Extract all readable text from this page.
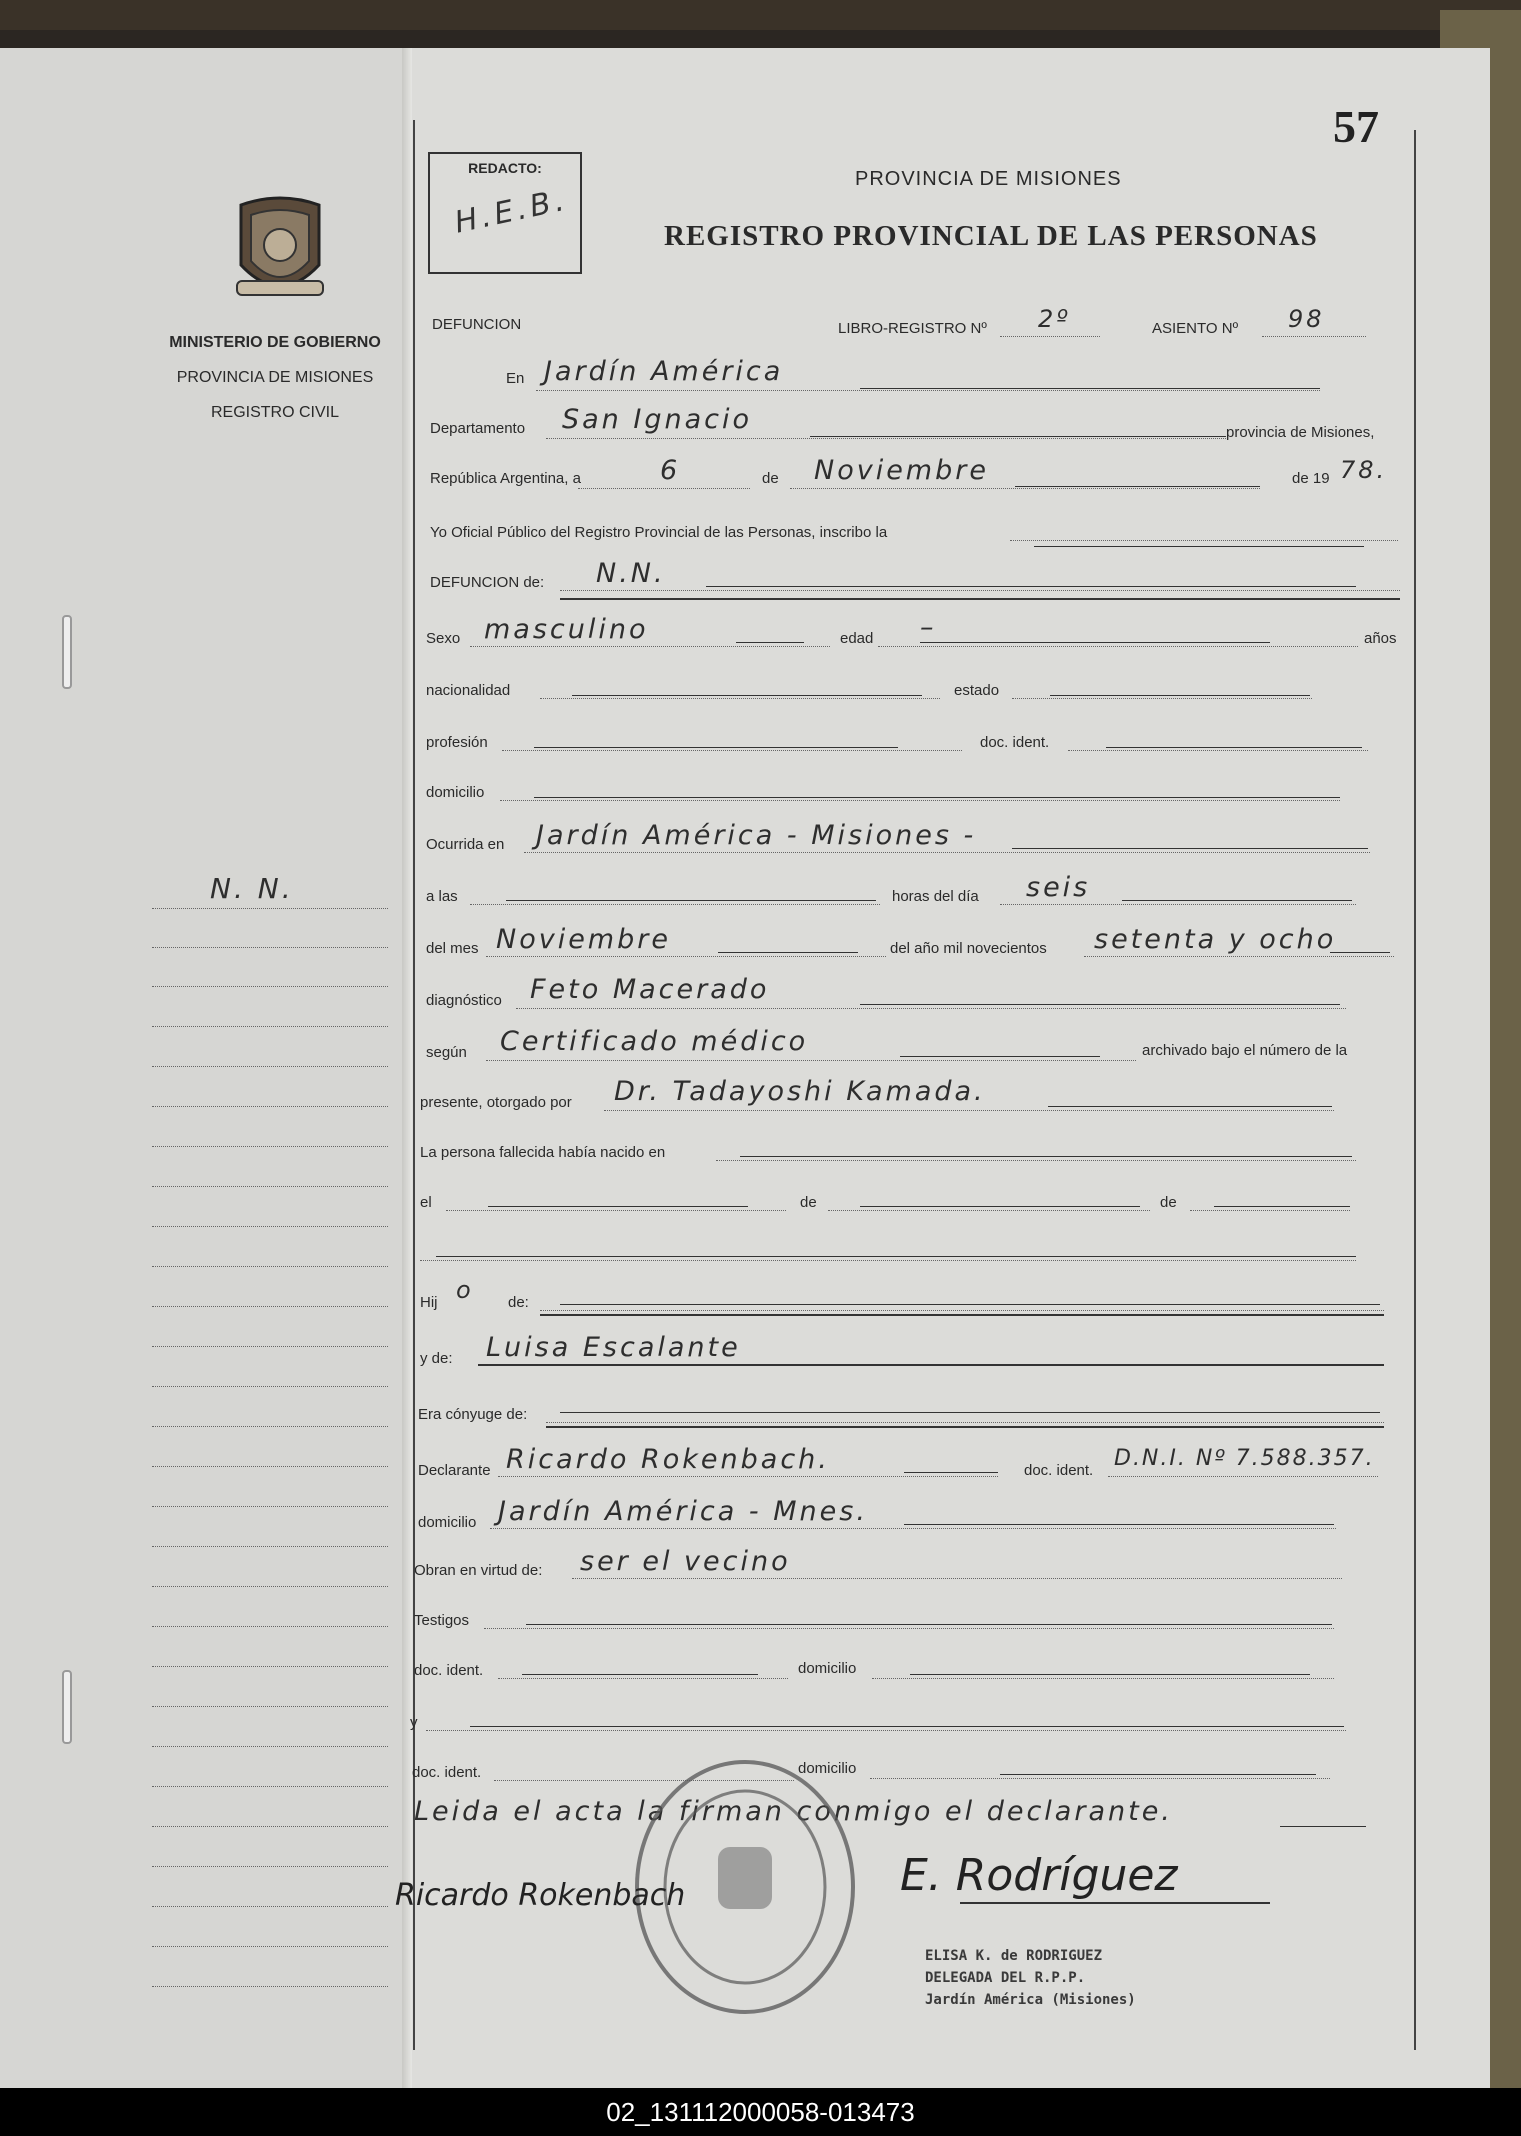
MINISTERIO DE GOBIERNO
PROVINCIA DE MISIONES
REGISTRO CIVIL
N. N.
57
REDACTO:
H.E.B.
PROVINCIA DE MISIONES
REGISTRO PROVINCIAL DE LAS PERSONAS
DEFUNCION	LIBRO-REGISTRO Nº 2º	ASIENTO Nº 98
En Jardín América
Departamento San Ignacio	provincia de Misiones,
República Argentina, a	6	de Noviembre	de 19 78.
Yo Oficial Público del Registro Provincial de las Personas, inscribo la
DEFUNCION de: N.N.
Sexo masculino	edad –	años
nacionalidad	estado
profesión	doc. ident.
domicilio
Ocurrida en Jardín América - Misiones -
a las	horas del día seis
del mes Noviembre	del año mil novecientos setenta y ocho
diagnóstico Feto Macerado
según Certificado médico	archivado bajo el número de la
presente, otorgado por Dr. Tadayoshi Kamada.
La persona fallecida había nacido en
el	de	de
Hij o de:
y de: Luisa Escalante
Era cónyuge de:
Declarante Ricardo Rokenbach.	doc. ident. D.N.I. Nº 7.588.357.
domicilio Jardín América - Mnes.
Obran en virtud de: ser el vecino
Testigos
doc. ident.	domicilio
y
doc. ident.	domicilio
Leida el acta la firman conmigo el declarante.
Ricardo Rokenbach	E. Rodríguez
ELISA K. de RODRIGUEZ
DELEGADA DEL R.P.P.
Jardín América (Misiones)
02_131112000058-013473
